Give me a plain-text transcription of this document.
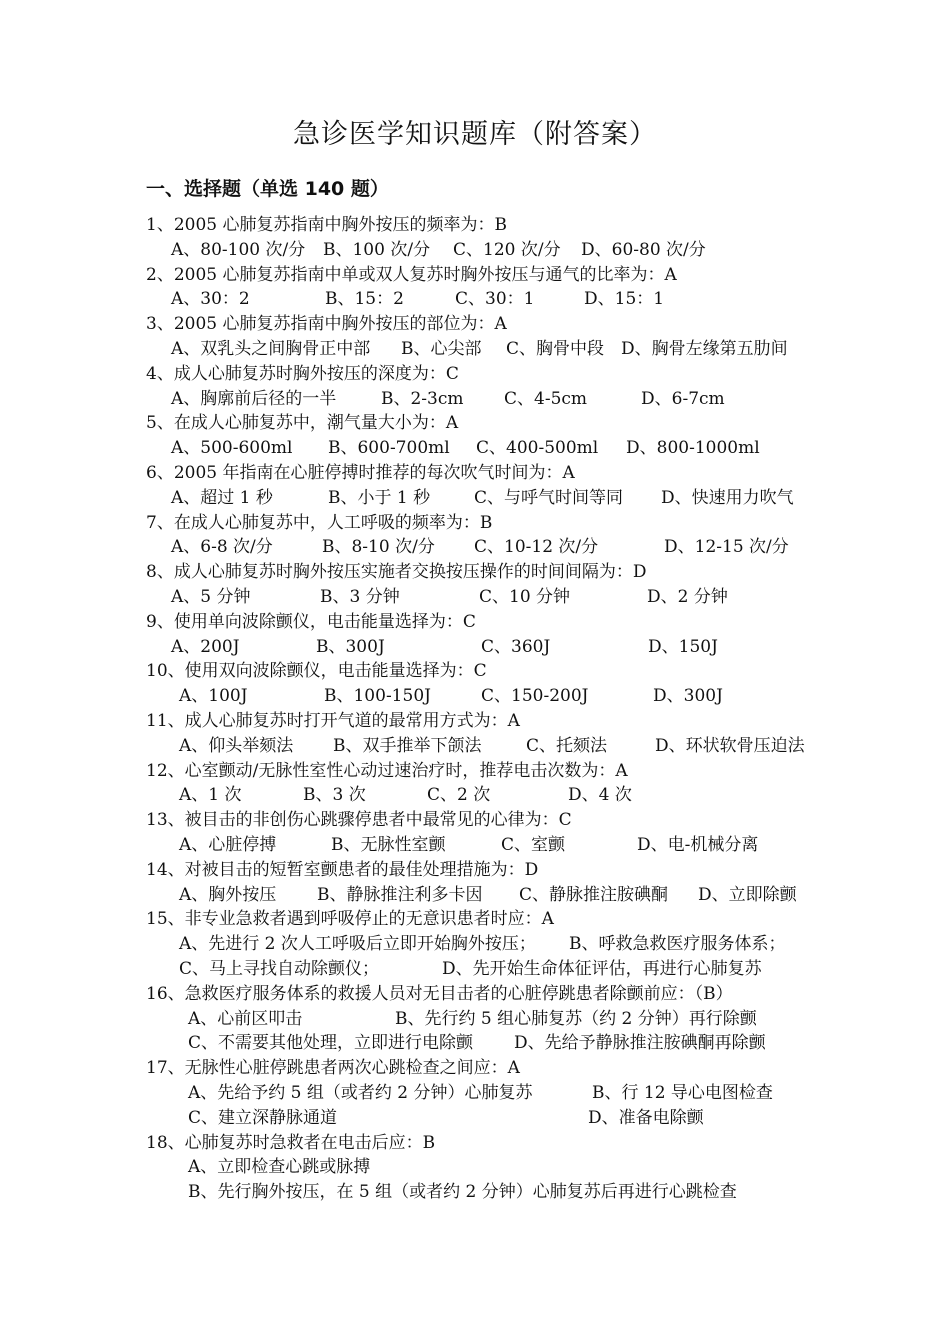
急诊医学知识题库（附答案）
一、选择题（单选 140 题）
1、2005 心肺复苏指南中胸外按压的频率为：B
A、80-100 次/分 B、100 次/分 C、120 次/分 D、60-80 次/分
2、2005 心肺复苏指南中单或双人复苏时胸外按压与通气的比率为：A
A、30：2	B、15：2	C、30：1	D、15：1
3、2005 心肺复苏指南中胸外按压的部位为：A
A、双乳头之间胸骨正中部 B、心尖部 C、胸骨中段 D、胸骨左缘第五肋间
4、成人心肺复苏时胸外按压的深度为：C
A、胸廓前后径的一半	B、2-3cm C、4-5cm	D、6-7cm
5、在成人心肺复苏中，潮气量大小为：A
A、500-600ml B、600-700ml C、400-500ml D、800-1000ml
6、2005 年指南在心脏停搏时推荐的每次吹气时间为：A
A、超过 1 秒	B、小于 1 秒	C、与呼气时间等同 D、快速用力吹气
7、在成人心肺复苏中，人工呼吸的频率为：B
A、6-8 次/分	B、8-10 次/分 C、10-12 次/分	D、12-15 次/分
8、成人心肺复苏时胸外按压实施者交换按压操作的时间间隔为：D
A、5 分钟	B、3 分钟	C、10 分钟	D、2 分钟
9、使用单向波除颤仪，电击能量选择为：C
A、200J	B、300J	C、360J	D、150J
10、使用双向波除颤仪，电击能量选择为：C
A、100J	B、100-150J	C、150-200J	D、300J
11、成人心肺复苏时打开气道的最常用方式为：A
A、仰头举颏法 B、双手推举下颌法	C、托颏法	D、环状软骨压迫法
12、心室颤动/无脉性室性心动过速治疗时，推荐电击次数为：A
A、1 次	B、3 次	C、2 次	D、4 次
13、被目击的非创伤心跳骤停患者中最常见的心律为：C
A、心脏停搏	B、无脉性室颤	C、室颤	D、电-机械分离
14、对被目击的短暂室颤患者的最佳处理措施为：D
A、胸外按压 B、静脉推注利多卡因 C、静脉推注胺碘酮 D、立即除颤
15、非专业急救者遇到呼吸停止的无意识患者时应：A
A、先进行 2 次人工呼吸后立即开始胸外按压； B、呼救急救医疗服务体系；
C、马上寻找自动除颤仪；	D、先开始生命体征评估，再进行心肺复苏
16、急救医疗服务体系的救援人员对无目击者的心脏停跳患者除颤前应：（B）
A、心前区叩击	B、先行约 5 组心肺复苏（约 2 分钟）再行除颤
C、不需要其他处理，立即进行电除颤 D、先给予静脉推注胺碘酮再除颤
17、无脉性心脏停跳患者两次心跳检查之间应：A
A、先给予约 5 组（或者约 2 分钟）心肺复苏	B、行 12 导心电图检查
C、建立深静脉通道	D、准备电除颤
18、心肺复苏时急救者在电击后应：B
A、立即检查心跳或脉搏
B、先行胸外按压，在 5 组（或者约 2 分钟）心肺复苏后再进行心跳检查
